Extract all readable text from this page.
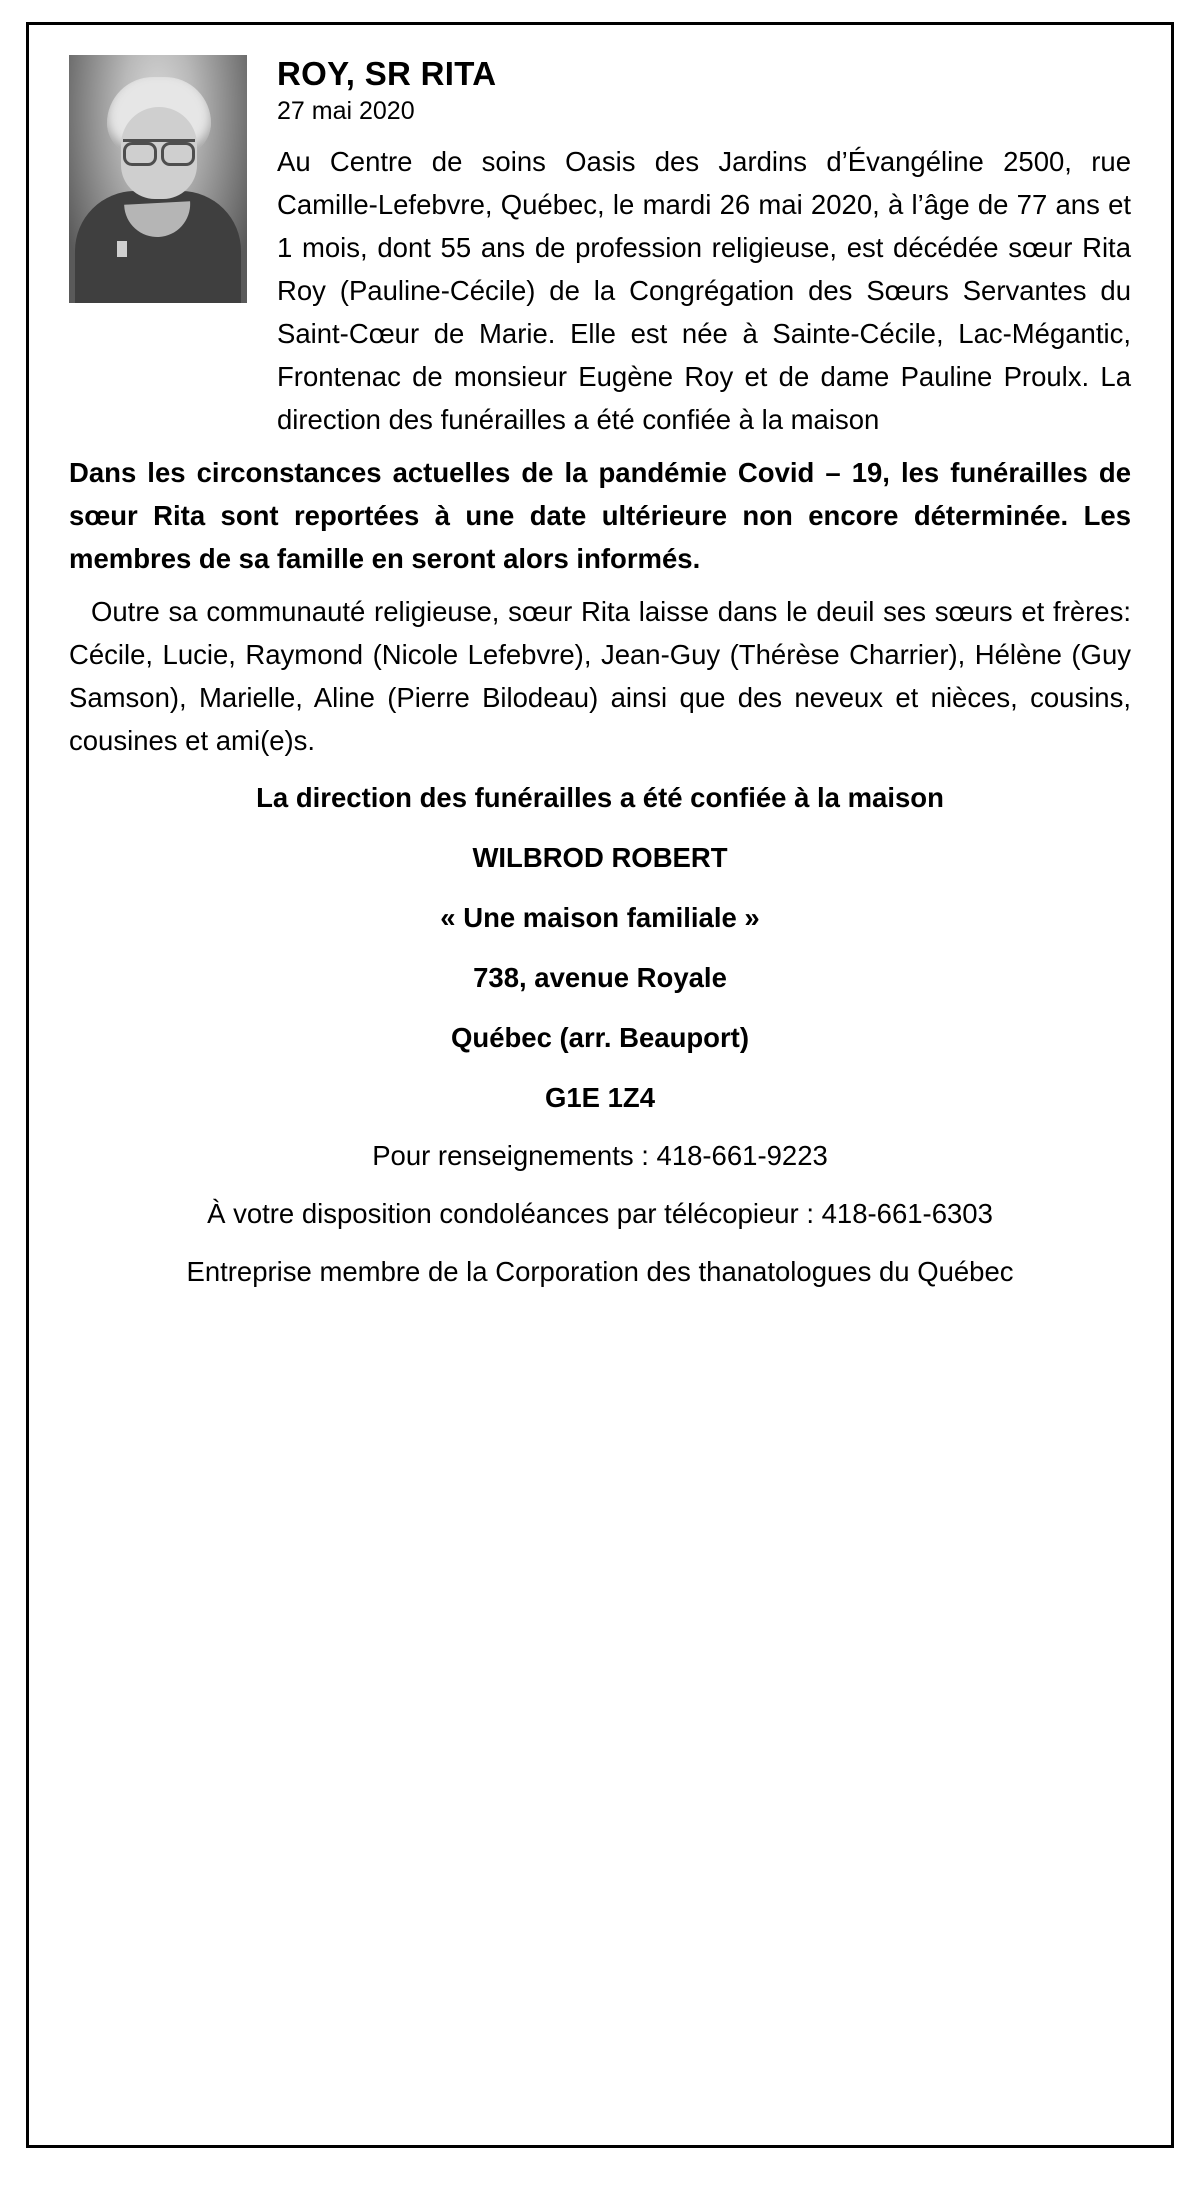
ROY, SR RITA
27 mai 2020

Au Centre de soins Oasis des Jardins d’Évangéline 2500, rue Camille-Lefebvre, Québec, le mardi 26 mai 2020, à l’âge de 77 ans et 1 mois, dont 55 ans de profession religieuse, est décédée sœur Rita Roy (Pauline-Cécile) de la Congrégation des Sœurs Servantes du Saint-Cœur de Marie. Elle est née à Sainte-Cécile, Lac-Mégantic, Frontenac de monsieur Eugène Roy et de dame Pauline Proulx. La direction des funérailles a été confiée à la maison

Dans les circonstances actuelles de la pandémie Covid – 19, les funérailles de sœur Rita sont reportées à une date ultérieure non encore déterminée. Les membres de sa famille en seront alors informés.

Outre sa communauté religieuse, sœur Rita laisse dans le deuil ses sœurs et frères: Cécile, Lucie, Raymond (Nicole Lefebvre), Jean-Guy (Thérèse Charrier), Hélène (Guy Samson), Marielle, Aline (Pierre Bilodeau) ainsi que des neveux et nièces, cousins, cousines et ami(e)s.

La direction des funérailles a été confiée à la maison

WILBROD ROBERT

« Une maison familiale »

738, avenue Royale

Québec (arr. Beauport)

G1E 1Z4

Pour renseignements : 418-661-9223

À votre disposition condoléances par télécopieur : 418-661-6303

Entreprise membre de la Corporation des thanatologues du Québec
